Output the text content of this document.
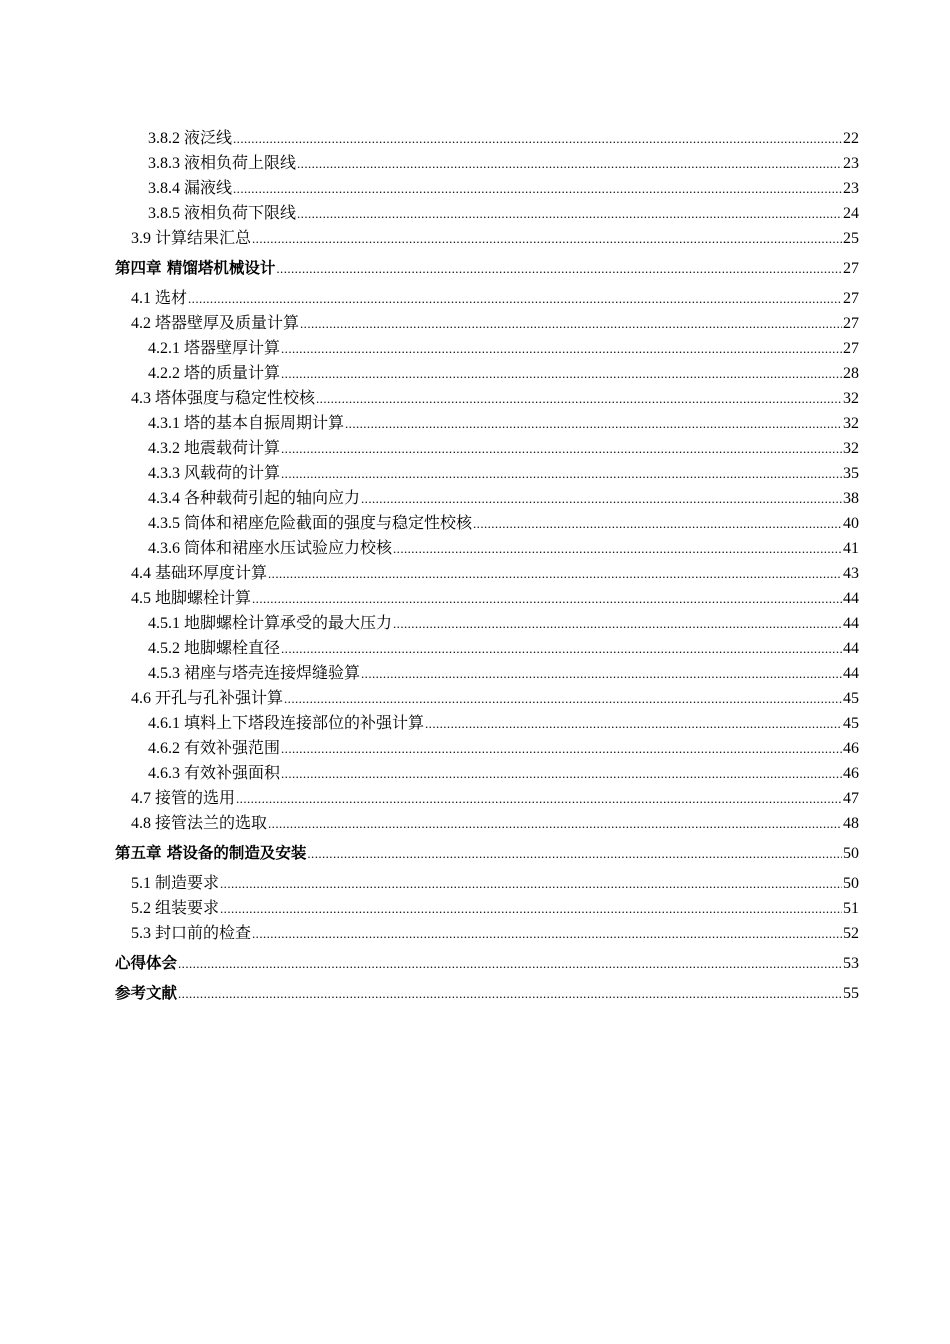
3.8.2 液泛线 .....	22
3.8.3 液相负荷上限线 .....	23
3.8.4 漏液线 .....	23
3.8.5 液相负荷下限线 .....	24
3.9 计算结果汇总 .....	25
第四章 精馏塔机械设计 .....	27
4.1 选材 .....	27
4.2 塔器壁厚及质量计算 .....	27
4.2.1 塔器壁厚计算 .....	27
4.2.2 塔的质量计算 .....	28
4.3 塔体强度与稳定性校核 .....	32
4.3.1 塔的基本自振周期计算 .....	32
4.3.2 地震载荷计算 .....	32
4.3.3 风载荷的计算 .....	35
4.3.4 各种载荷引起的轴向应力 .....	38
4.3.5 筒体和裙座危险截面的强度与稳定性校核 .....	40
4.3.6 筒体和裙座水压试验应力校核 .....	41
4.4 基础环厚度计算 .....	43
4.5 地脚螺栓计算 .....	44
4.5.1 地脚螺栓计算承受的最大压力 .....	44
4.5.2 地脚螺栓直径 .....	44
4.5.3 裙座与塔壳连接焊缝验算 .....	44
4.6 开孔与孔补强计算 .....	45
4.6.1 填料上下塔段连接部位的补强计算 .....	45
4.6.2 有效补强范围 .....	46
4.6.3 有效补强面积 .....	46
4.7 接管的选用 .....	47
4.8 接管法兰的选取 .....	48
第五章 塔设备的制造及安装 .....	50
5.1 制造要求 .....	50
5.2 组装要求 .....	51
5.3 封口前的检查 .....	52
心得体会 .....	53
参考文献 .....	55
